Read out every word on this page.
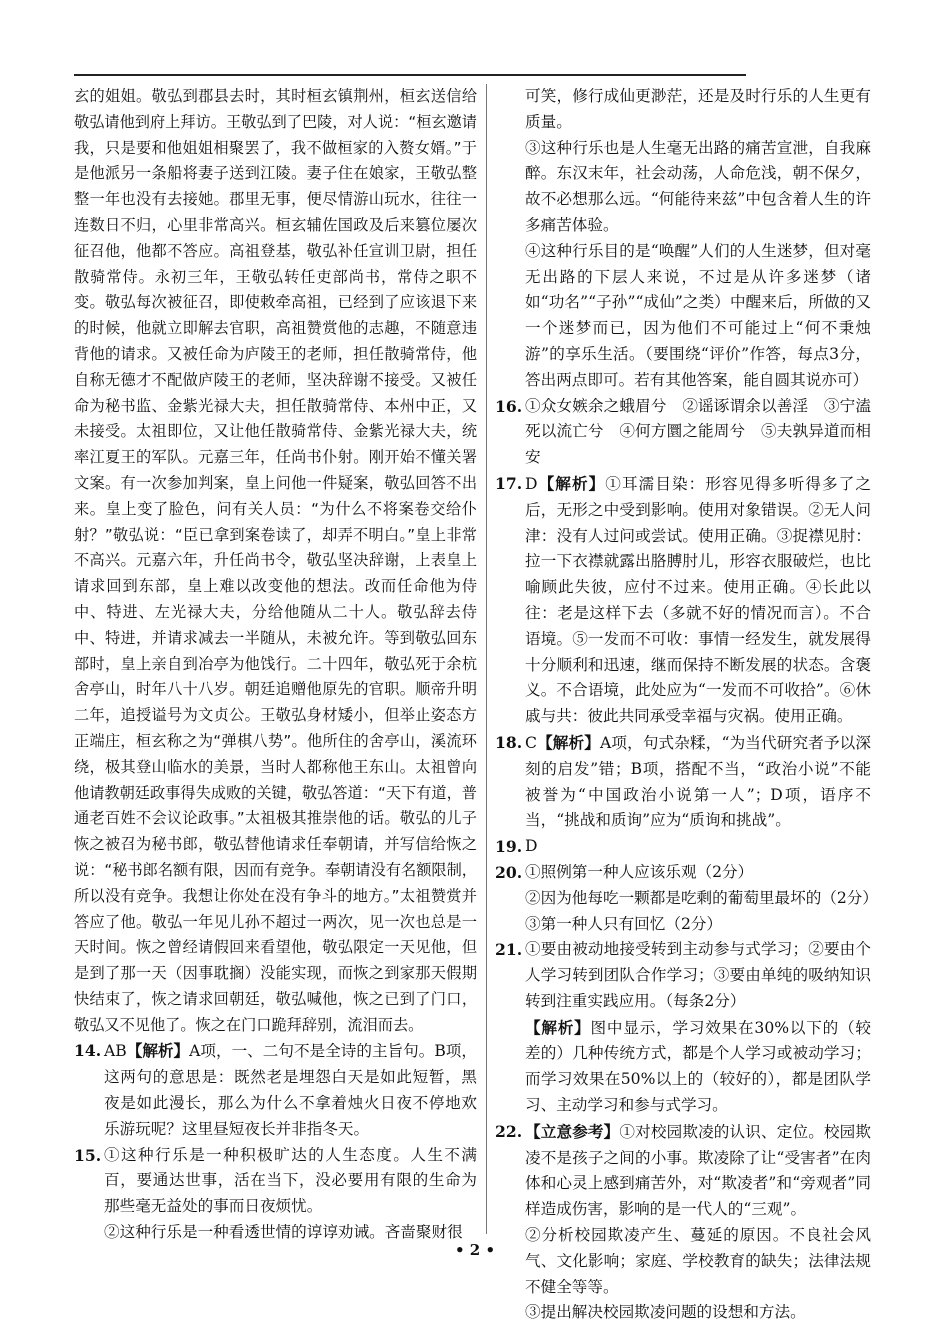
玄的姐姐。敬弘到郡县去时，其时桓玄镇荆州，桓玄送信给敬弘请他到府上拜访。王敬弘到了巴陵，对人说：“桓玄邀请我，只是要和他姐姐相聚罢了，我不做桓家的入赘女婿。”于是他派另一条船将妻子送到江陵。妻子住在娘家，王敬弘整整一年也没有去接她。郡里无事，便尽情游山玩水，往往一连数日不归，心里非常高兴。桓玄辅佐国政及后来篡位屡次征召他，他都不答应。高祖登基，敬弘补任宣训卫尉，担任散骑常侍。永初三年，王敬弘转任吏部尚书，常侍之职不变。敬弘每次被征召，即使敕牵高祖，已经到了应该退下来的时候，他就立即解去官职，高祖赞赏他的志趣，不随意违背他的请求。又被任命为庐陵王的老师，担任散骑常侍，他自称无德才不配做庐陵王的老师，坚决辞谢不接受。又被任命为秘书监、金紫光禄大夫，担任散骑常侍、本州中正，又未接受。太祖即位，又让他任散骑常侍、金紫光禄大夫，统率江夏王的军队。元嘉三年，任尚书仆射。刚开始不懂关署文案。有一次参加判案，皇上问他一件疑案，敬弘回答不出来。皇上变了脸色，问有关人员：“为什么不将案卷交给仆射？”敬弘说：“臣已拿到案卷读了，却弄不明白。”皇上非常不高兴。元嘉六年，升任尚书令，敬弘坚决辞谢，上表皇上请求回到东部，皇上难以改变他的想法。改而任命他为侍中、特进、左光禄大夫，分给他随从二十人。敬弘辞去侍中、特进，并请求减去一半随从，未被允许。等到敬弘回东部时，皇上亲自到冶亭为他饯行。二十四年，敬弘死于余杭舍亭山，时年八十八岁。朝廷追赠他原先的官职。顺帝升明二年，追授谥号为文贞公。王敬弘身材矮小，但举止姿态方正端庄，桓玄称之为“弹棋八势”。他所住的舍亭山，溪流环绕，极其登山临水的美景，当时人都称他王东山。太祖曾向他请教朝廷政事得失成败的关键，敬弘答道：“天下有道，普通老百姓不会议论政事。”太祖极其推崇他的话。敬弘的儿子恢之被召为秘书郎，敬弘替他请求任奉朝请，并写信给恢之说：“秘书郎名额有限，因而有竞争。奉朝请没有名额限制，所以没有竞争。我想让你处在没有争斗的地方。”太祖赞赏并答应了他。敬弘一年见儿孙不超过一两次，见一次也总是一天时间。恢之曾经请假回来看望他，敬弘限定一天见他，但是到了那一天（因事耽搁）没能实现，而恢之到家那天假期快结束了，恢之请求回朝廷，敬弘喊他，恢之已到了门口，敬弘又不见他了。恢之在门口跪拜辞别，流泪而去。

14. AB【解析】A项，一、二句不是全诗的主旨句。B项，这两句的意思是：既然老是埋怨白天是如此短暂，黑夜是如此漫长，那么为什么不拿着烛火日夜不停地欢乐游玩呢？这里昼短夜长并非指冬天。
15. ①这种行乐是一种积极旷达的人生态度。人生不满百，要通达世事，活在当下，没必要用有限的生命为那些毫无益处的事而日夜烦忧。

②这种行乐是一种看透世情的谆谆劝诫。吝啬聚财很

可笑，修行成仙更渺茫，还是及时行乐的人生更有质量。

③这种行乐也是人生毫无出路的痛苦宣泄，自我麻醉。东汉末年，社会动荡，人命危浅，朝不保夕，故不必想那么远。“何能待来兹”中包含着人生的许多痛苦体验。

④这种行乐目的是“唤醒”人们的人生迷梦，但对毫无出路的下层人来说，不过是从许多迷梦（诸如“功名”“子孙”“成仙”之类）中醒来后，所做的又一个迷梦而已，因为他们不可能过上“何不秉烛游”的享乐生活。（要围绕“评价”作答，每点3分，答出两点即可。若有其他答案，能自圆其说亦可）

16. ①众女嫉余之蛾眉兮　②谣诼谓余以善淫　③宁溘死以流亡兮　④何方圜之能周兮　⑤夫孰异道而相安
17. D【解析】①耳濡目染：形容见得多听得多了之后，无形之中受到影响。使用对象错误。②无人问津：没有人过问或尝试。使用正确。③捉襟见肘：拉一下衣襟就露出胳膊肘儿，形容衣服破烂，也比喻顾此失彼，应付不过来。使用正确。④长此以往：老是这样下去（多就不好的情况而言）。不合语境。⑤一发而不可收：事情一经发生，就发展得十分顺利和迅速，继而保持不断发展的状态。含褒义。不合语境，此处应为“一发而不可收拾”。⑥休戚与共：彼此共同承受幸福与灾祸。使用正确。
18. C【解析】A项，句式杂糅，“为当代研究者予以深刻的启发”错；B项，搭配不当，“政治小说”不能被誉为“中国政治小说第一人”；D项，语序不当，“挑战和质询”应为“质询和挑战”。
19. D
20. ①照例第一种人应该乐观（2分）

②因为他每吃一颗都是吃剩的葡萄里最坏的（2分）

③第一种人只有回忆（2分）

21. ①要由被动地接受转到主动参与式学习；②要由个人学习转到团队合作学习；③要由单纯的吸纳知识转到注重实践应用。（每条2分）

【解析】图中显示，学习效果在30%以下的（较差的）几种传统方式，都是个人学习或被动学习；而学习效果在50%以上的（较好的），都是团队学习、主动学习和参与式学习。

22. 【立意参考】①对校园欺凌的认识、定位。校园欺凌不是孩子之间的小事。欺凌除了让“受害者”在肉体和心灵上感到痛苦外，对“欺凌者”和“旁观者”同样造成伤害，影响的是一代人的“三观”。

②分析校园欺凌产生、蔓延的原因。不良社会风气、文化影响；家庭、学校教育的缺失；法律法规不健全等等。

③提出解决校园欺凌问题的设想和方法。

• 2 •
